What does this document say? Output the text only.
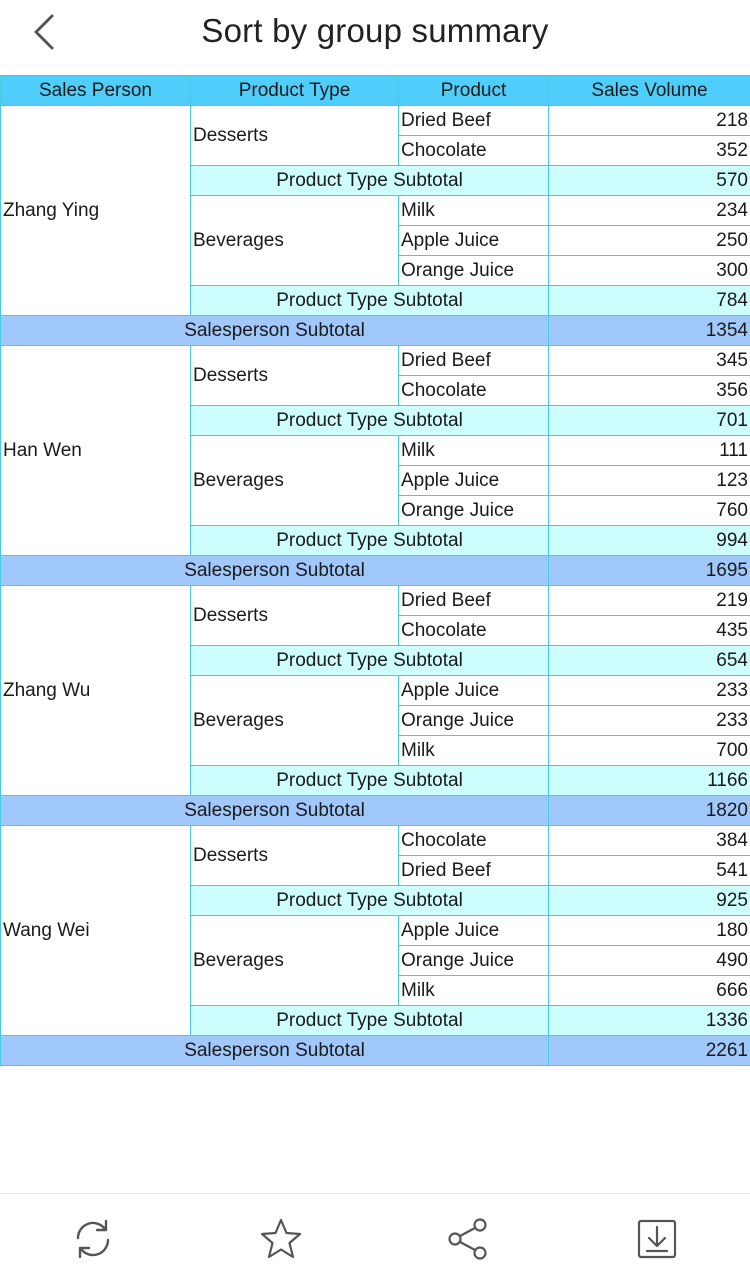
Sort by group summary
Sales Person	Product Type	Product	Sales Volume
Zhang Ying	Desserts	Dried Beef	218
		Chocolate	352
	Product Type Subtotal		570
	Beverages	Milk	234
		Apple Juice	250
		Orange Juice	300
	Product Type Subtotal		784
Salesperson Subtotal			1354
Han Wen	Desserts	Dried Beef	345
		Chocolate	356
	Product Type Subtotal		701
	Beverages	Milk	111
		Apple Juice	123
		Orange Juice	760
	Product Type Subtotal		994
Salesperson Subtotal			1695
Zhang Wu	Desserts	Dried Beef	219
		Chocolate	435
	Product Type Subtotal		654
	Beverages	Apple Juice	233
		Orange Juice	233
		Milk	700
	Product Type Subtotal		1166
Salesperson Subtotal			1820
Wang Wei	Desserts	Chocolate	384
		Dried Beef	541
	Product Type Subtotal		925
	Beverages	Apple Juice	180
		Orange Juice	490
		Milk	666
	Product Type Subtotal		1336
Salesperson Subtotal			2261
